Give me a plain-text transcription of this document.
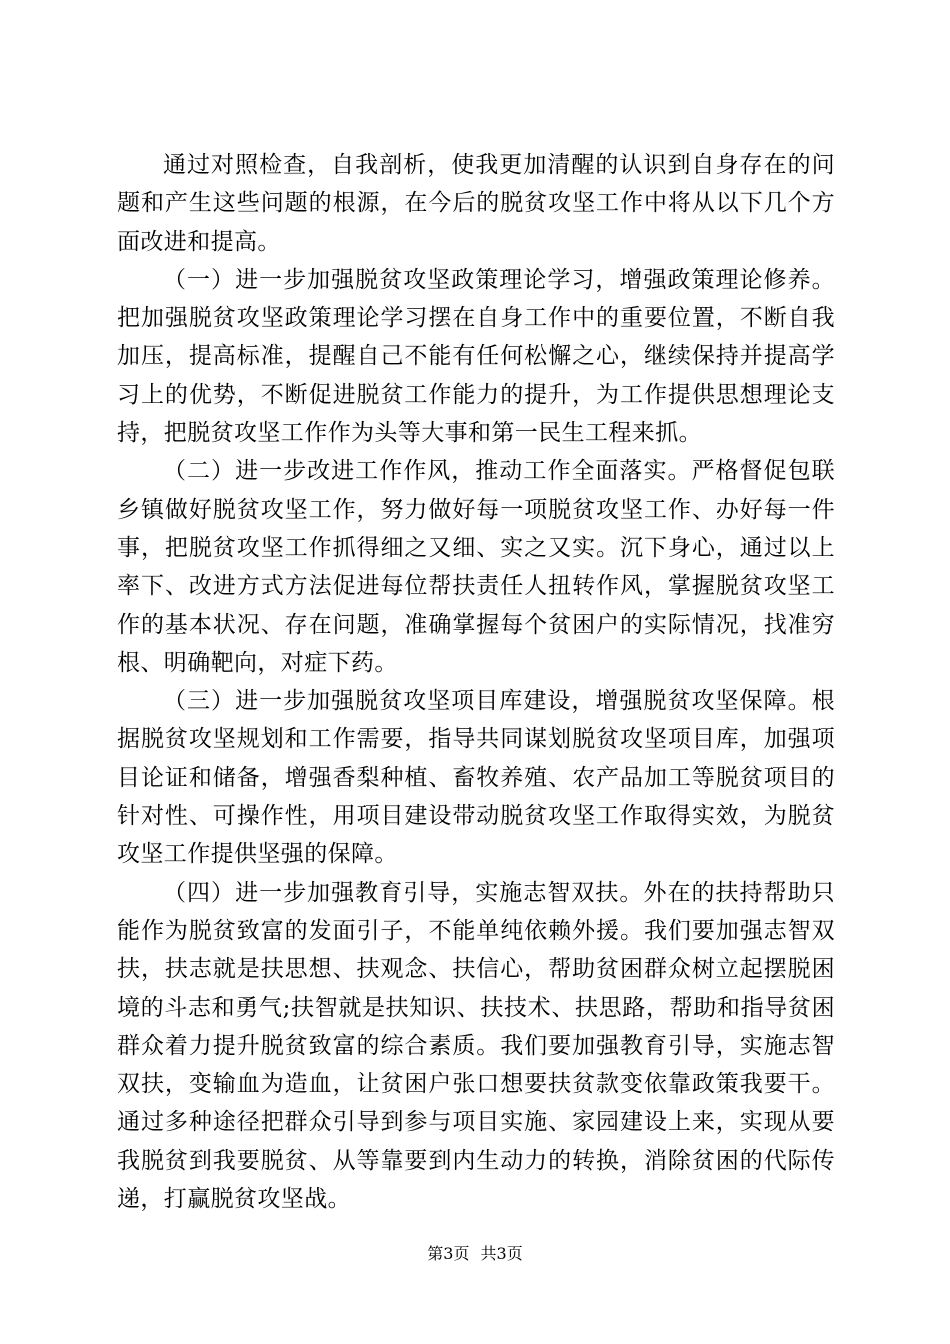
通过对照检查，自我剖析，使我更加清醒的认识到自身存在的问题和产生这些问题的根源，在今后的脱贫攻坚工作中将从以下几个方面改进和提高。

（一）进一步加强脱贫攻坚政策理论学习，增强政策理论修养。把加强脱贫攻坚政策理论学习摆在自身工作中的重要位置，不断自我加压，提高标准，提醒自己不能有任何松懈之心，继续保持并提高学习上的优势，不断促进脱贫工作能力的提升，为工作提供思想理论支持，把脱贫攻坚工作作为头等大事和第一民生工程来抓。

（二）进一步改进工作作风，推动工作全面落实。严格督促包联乡镇做好脱贫攻坚工作，努力做好每一项脱贫攻坚工作、办好每一件事，把脱贫攻坚工作抓得细之又细、实之又实。沉下身心，通过以上率下、改进方式方法促进每位帮扶责任人扭转作风，掌握脱贫攻坚工作的基本状况、存在问题，准确掌握每个贫困户的实际情况，找准穷根、明确靶向，对症下药。

（三）进一步加强脱贫攻坚项目库建设，增强脱贫攻坚保障。根据脱贫攻坚规划和工作需要，指导共同谋划脱贫攻坚项目库，加强项目论证和储备，增强香梨种植、畜牧养殖、农产品加工等脱贫项目的针对性、可操作性，用项目建设带动脱贫攻坚工作取得实效，为脱贫攻坚工作提供坚强的保障。

（四）进一步加强教育引导，实施志智双扶。外在的扶持帮助只能作为脱贫致富的发面引子，不能单纯依赖外援。我们要加强志智双扶，扶志就是扶思想、扶观念、扶信心，帮助贫困群众树立起摆脱困境的斗志和勇气;扶智就是扶知识、扶技术、扶思路，帮助和指导贫困群众着力提升脱贫致富的综合素质。我们要加强教育引导，实施志智双扶，变输血为造血，让贫困户张口想要扶贫款变依靠政策我要干。通过多种途径把群众引导到参与项目实施、家园建设上来，实现从要我脱贫到我要脱贫、从等靠要到内生动力的转换，消除贫困的代际传递，打赢脱贫攻坚战。

第3页 共3页
